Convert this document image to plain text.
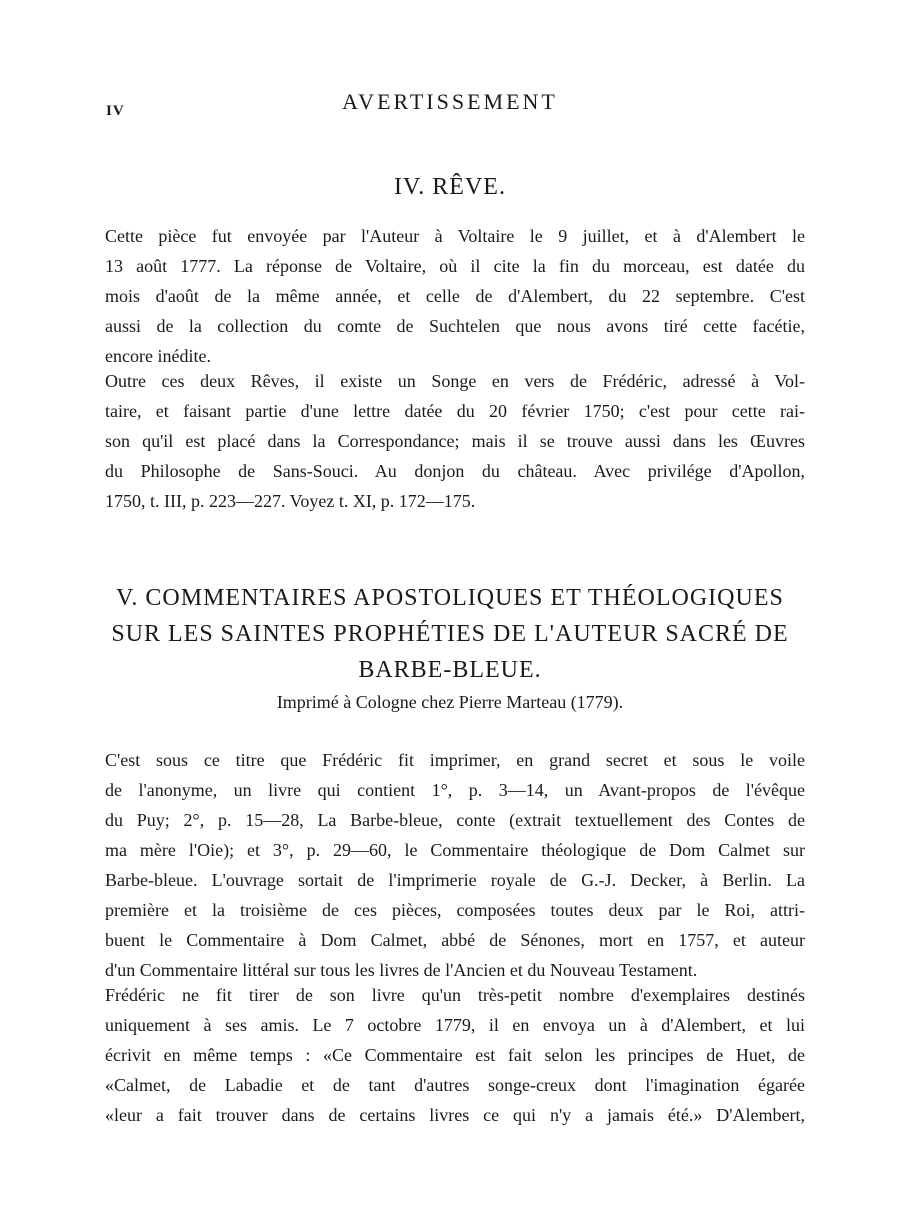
IV	AVERTISSEMENT
IV. RÊVE.

Cette pièce fut envoyée par l'Auteur à Voltaire le 9 juillet, et à d'Alembert le
13 août 1777. La réponse de Voltaire, où il cite la fin du morceau, est datée du
mois d'août de la même année, et celle de d'Alembert, du 22 septembre. C'est
aussi de la collection du comte de Suchtelen que nous avons tiré cette facétie,
encore inédite.

Outre ces deux Rêves, il existe un Songe en vers de Frédéric, adressé à Vol-
taire, et faisant partie d'une lettre datée du 20 février 1750; c'est pour cette rai-
son qu'il est placé dans la Correspondance; mais il se trouve aussi dans les Œuvres
du Philosophe de Sans-Souci. Au donjon du château. Avec privilége d'Apollon,
1750, t. III, p. 223—227. Voyez t. XI, p. 172—175.

V. COMMENTAIRES APOSTOLIQUES ET THÉOLOGIQUES
SUR LES SAINTES PROPHÉTIES DE L'AUTEUR SACRÉ DE
BARBE-BLEUE.
Imprimé à Cologne chez Pierre Marteau (1779).

C'est sous ce titre que Frédéric fit imprimer, en grand secret et sous le voile
de l'anonyme, un livre qui contient 1°, p. 3—14, un Avant-propos de l'évêque
du Puy; 2°, p. 15—28, La Barbe-bleue, conte (extrait textuellement des Contes de
ma mère l'Oie); et 3°, p. 29—60, le Commentaire théologique de Dom Calmet sur
Barbe-bleue. L'ouvrage sortait de l'imprimerie royale de G.-J. Decker, à Berlin. La
première et la troisième de ces pièces, composées toutes deux par le Roi, attri-
buent le Commentaire à Dom Calmet, abbé de Sénones, mort en 1757, et auteur
d'un Commentaire littéral sur tous les livres de l'Ancien et du Nouveau Testament.

Frédéric ne fit tirer de son livre qu'un très-petit nombre d'exemplaires destinés
uniquement à ses amis. Le 7 octobre 1779, il en envoya un à d'Alembert, et lui
écrivit en même temps : «Ce Commentaire est fait selon les principes de Huet, de
«Calmet, de Labadie et de tant d'autres songe-creux dont l'imagination égarée
«leur a fait trouver dans de certains livres ce qui n'y a jamais été.» D'Alembert,
